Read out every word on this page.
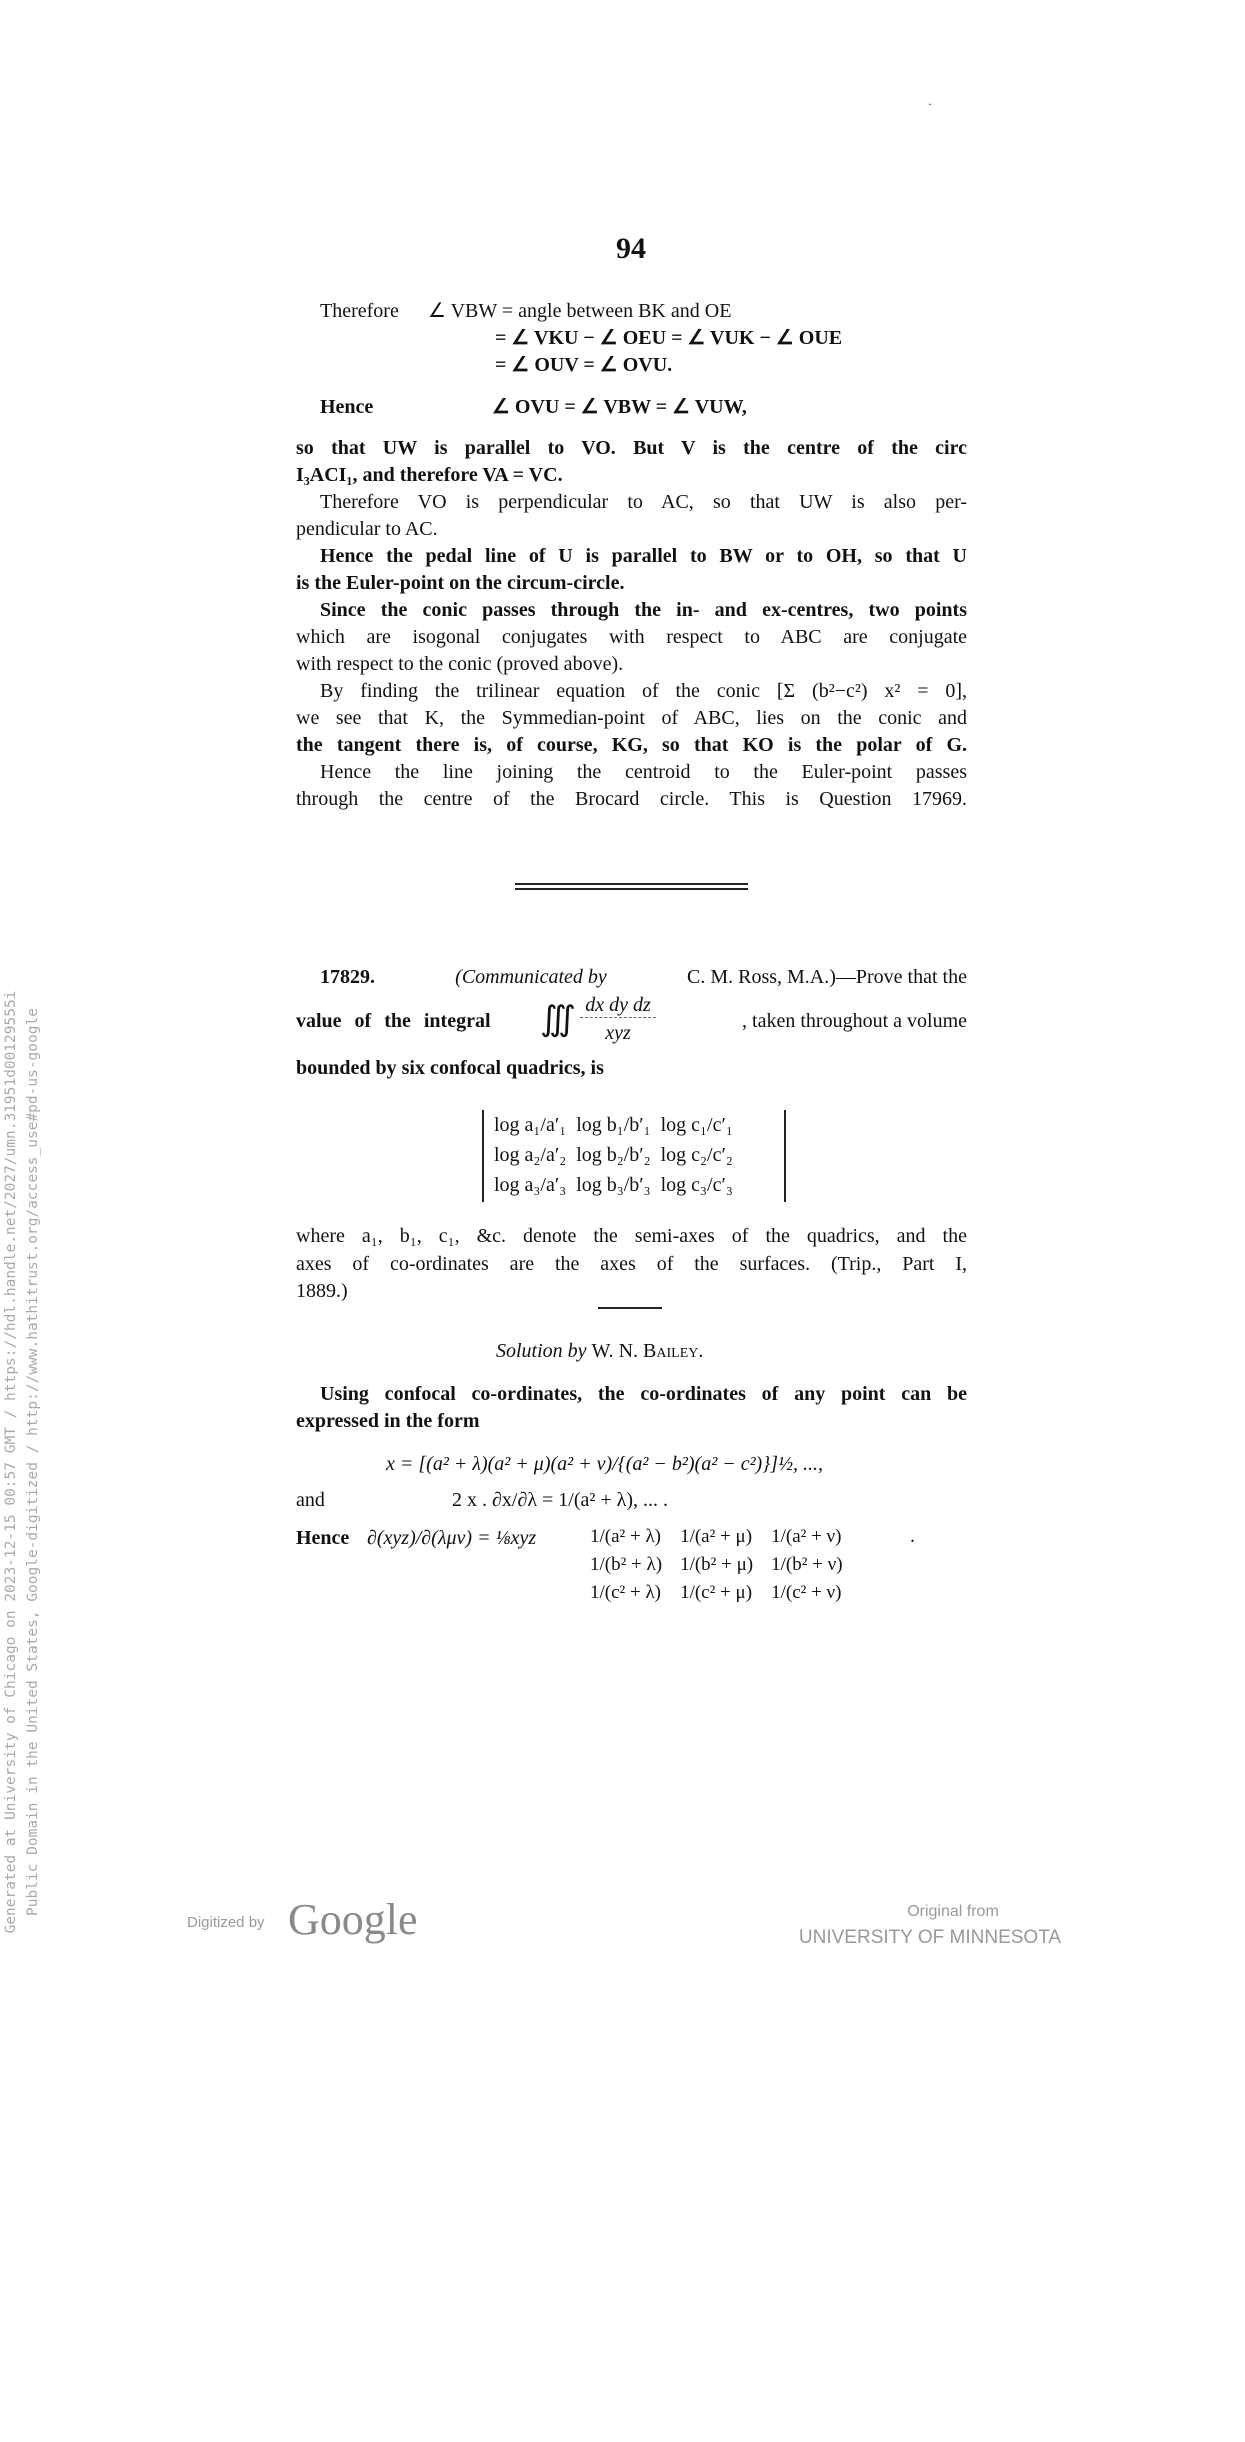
94
·
Therefore ∠ VBW = angle between BK and OE
= ∠ VKU − ∠ OEU = ∠ VUK − ∠ OUE
= ∠ OUV = ∠ OVU.
Hence	∠ OVU = ∠ VBW = ∠ VUW,
so that UW is parallel to VO. But V is the centre of the circ
I₃ACI₁, and therefore VA = VC.
Therefore VO is perpendicular to AC, so that UW is also per-
pendicular to AC.
Hence the pedal line of U is parallel to BW or to OH, so that U
is the Euler-point on the circum-circle.
Since the conic passes through the in- and ex-centres, two points
which are isogonal conjugates with respect to ABC are conjugate
with respect to the conic (proved above).
By finding the trilinear equation of the conic [Σ (b²−c²) x² = 0],
we see that K, the Symmedian-point of ABC, lies on the conic and
the tangent there is, of course, KG, so that KO is the polar of G.
Hence the line joining the centroid to the Euler-point passes
through the centre of the Brocard circle. This is Question 17969.
17829.	(Communicated by	C. M. Ross, M.A.)—Prove that the
value of the integral ∭ dx dy dz
xyz
, taken throughout a volume
bounded by six confocal quadrics, is
log a₁/a′₁	log b₁/b′₁	log c₁/c′₁
log a₂/a′₂	log b₂/b′₂	log c₂/c′₂
log a₃/a′₃	log b₃/b′₃	log c₃/c′₃
where a₁, b₁, c₁, &c. denote the semi-axes of the quadrics, and the
axes of co-ordinates are the axes of the surfaces. (Trip., Part I,
1889.)
Solution by W. N. Bailey.
Using confocal co-ordinates, the co-ordinates of any point can be
expressed in the form
x = [(a² + λ)(a² + μ)(a² + ν)/{(a² − b²)(a² − c²)}]½, ...,
and	2 x . ∂x/∂λ = 1/(a² + λ), ... .
Hence ∂(xyz)/∂(λμν) = ⅛xyz	1/(a² + λ)	1/(a² + μ)	1/(a² + ν)
1/(b² + λ)	1/(b² + μ)	1/(b² + ν)
1/(c² + λ)	1/(c² + μ)	1/(c² + ν)
.
Generated at University of Chicago on 2023-12-15 00:57 GMT / https://hdl.handle.net/2027/umn.31951d00129555i Public Domain in the United States, Google-digitized / http://www.hathitrust.org/access_use#pd-us-google
Digitized by Google	Original from
UNIVERSITY OF MINNESOTA
